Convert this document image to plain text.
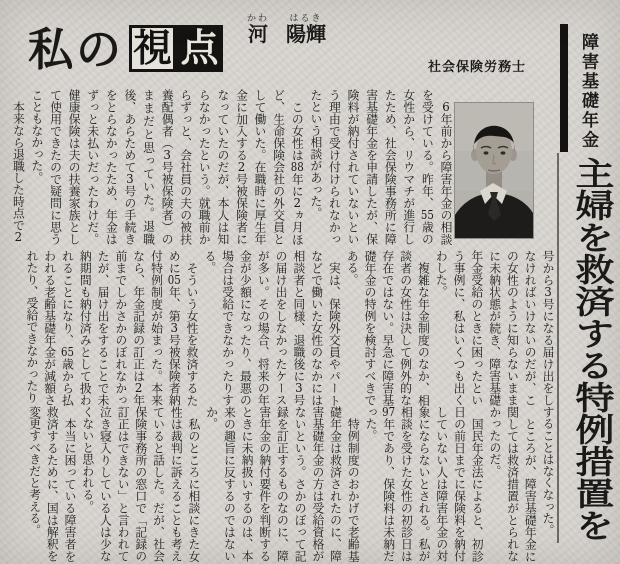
私の 視 点 河かわ陽輝はるき
社会保険労務士	障害基礎年金
主婦を救済する特例措置を

6年前から障害年金の相談を受けている。昨年、55歳の女性から、リウマチが進行したため、社会保険事務所に障害基礎年金を申請したが、保険料が納付されていないという理由で受け付けられなかったという相談があった。

この女性は88年に2ヵ月ほど、生命保険会社の外交員として働いた。在職時に厚生年金に加入する2号被保険者になっていたのだが、本人は知らなかったという。就職前からずっと、会社員の夫の被扶養配偶者（3号被保険者）のままだと思っていた。退職後、あらためて3号の手続きをとらなかったため、年金はずっと未払いだったわけだ。健康保険は夫の扶養家族として使用できたので疑問に思うこともなかった。

本来なら退職した時点で2

号から3号になる届け出をしなければいけないのだが、この女性のように知らないままに未納状態が続き、障害基礎年金受給のときに困ったという事例に、私はいくつも出くわした。

複雑な年金制度のなか、相談者の女性は決して例外的な存在ではない。早急に障害基礎年金の特例を検討すべきである。

実は、保険外交員やパートなどで働いた女性のなかには相談者と同様、退職後に3号の届け出をしなかったケースが多い。その場合、将来の年金が少額になったり、最悪の場合は受給できなかったりする。

そういう女性を救済するために05年、第3号被保険者納付特例制度が始まった。本来なら、年金記録の訂正は2年前までしかさかのぼれなかったが、届け出をすることで未納期間も納付済みとして扱われることになり、65歳から払われる老齢基礎年金が減額されたり、受給できなかったり

することはなくなった。

ところが、障害基礎年金に関しては救済措置がとられなかったのだ。

国民年金法によると、初診日の前日までに保険料を納付していない人は障害年金の対象にならないとされる。私が相談を受けた女性の初診日は97年であり、保険料は未納だった。

特例制度のおかげで老齢基礎年金は救済されたのに、障害基礎年金の方は受給資格がないという。さかのぼって記録を訂正するものなのに、障害年金の納付要件を判断するときに未納扱いするのは、本来の趣旨に反するのではないか。

私のところに相談にきた女性は裁判に訴えることも考えていると話した。だが、社会保険事務所の窓口で「記録の訂正はできない」と言われて泣き寝入りしている人は少なくないと思われる。

本当に困っている障害者を救済するために、国は解釈を変更すべきだと考える。
